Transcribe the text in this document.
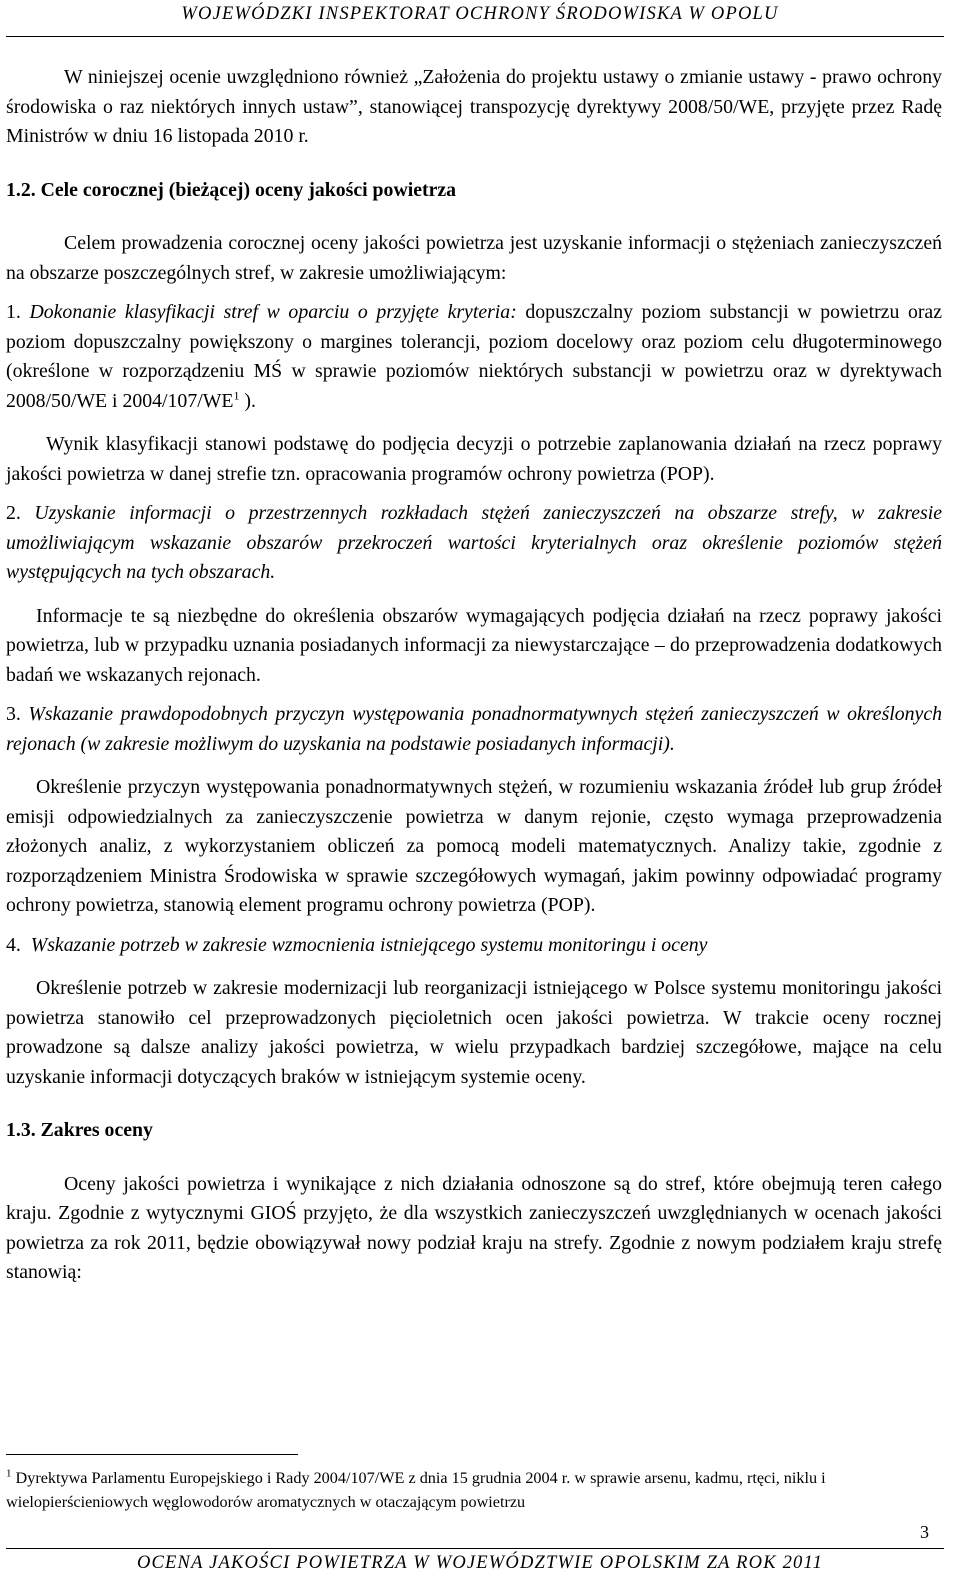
WOJEWÓDZKI INSPEKTORAT OCHRONY ŚRODOWISKA W OPOLU

W niniejszej ocenie uwzględniono również „Założenia do projektu ustawy o zmianie ustawy - prawo ochrony środowiska o raz niektórych innych ustaw”, stanowiącej transpozycję dyrektywy 2008/50/WE, przyjęte przez Radę Ministrów w dniu 16 listopada 2010 r.

1.2. Cele corocznej (bieżącej) oceny jakości powietrza

Celem prowadzenia corocznej oceny jakości powietrza jest uzyskanie informacji o stężeniach zanieczyszczeń na obszarze poszczególnych stref, w zakresie umożliwiającym:

1. Dokonanie klasyfikacji stref w oparciu o przyjęte kryteria: dopuszczalny poziom substancji w powietrzu oraz poziom dopuszczalny powiększony o margines tolerancji, poziom docelowy oraz poziom celu długoterminowego (określone w rozporządzeniu MŚ w sprawie poziomów niektórych substancji w powietrzu oraz w dyrektywach 2008/50/WE i $2004/107/WE^1$ ).

Wynik klasyfikacji stanowi podstawę do podjęcia decyzji o potrzebie zaplanowania działań na rzecz poprawy jakości powietrza w danej strefie tzn. opracowania programów ochrony powietrza (POP).

2. Uzyskanie informacji o przestrzennych rozkładach stężeń zanieczyszczeń na obszarze strefy, w zakresie umożliwiającym wskazanie obszarów przekroczeń wartości kryterialnych oraz określenie poziomów stężeń występujących na tych obszarach.

Informacje te są niezbędne do określenia obszarów wymagających podjęcia działań na rzecz poprawy jakości powietrza, lub w przypadku uznania posiadanych informacji za niewystarczające – do przeprowadzenia dodatkowych badań we wskazanych rejonach.

3. Wskazanie prawdopodobnych przyczyn występowania ponadnormatywnych stężeń zanieczyszczeń w określonych rejonach (w zakresie możliwym do uzyskania na podstawie posiadanych informacji).

Określenie przyczyn występowania ponadnormatywnych stężeń, w rozumieniu wskazania źródeł lub grup źródeł emisji odpowiedzialnych za zanieczyszczenie powietrza w danym rejonie, często wymaga przeprowadzenia złożonych analiz, z wykorzystaniem obliczeń za pomocą modeli matematycznych. Analizy takie, zgodnie z rozporządzeniem Ministra Środowiska w sprawie szczegółowych wymagań, jakim powinny odpowiadać programy ochrony powietrza, stanowią element programu ochrony powietrza (POP).

4. Wskazanie potrzeb w zakresie wzmocnienia istniejącego systemu monitoringu i oceny

Określenie potrzeb w zakresie modernizacji lub reorganizacji istniejącego w Polsce systemu monitoringu jakości powietrza stanowiło cel przeprowadzonych pięcioletnich ocen jakości powietrza. W trakcie oceny rocznej prowadzone są dalsze analizy jakości powietrza, w wielu przypadkach bardziej szczegółowe, mające na celu uzyskanie informacji dotyczących braków w istniejącym systemie oceny.

1.3. Zakres oceny

Oceny jakości powietrza i wynikające z nich działania odnoszone są do stref, które obejmują teren całego kraju. Zgodnie z wytycznymi GIOŚ przyjęto, że dla wszystkich zanieczyszczeń uwzględnianych w ocenach jakości powietrza za rok 2011, będzie obowiązywał nowy podział kraju na strefy. Zgodnie z nowym podziałem kraju strefę stanowią:

$^1$ Dyrektywa Parlamentu Europejskiego i Rady 2004/107/WE z dnia 15 grudnia 2004 r. w sprawie arsenu, kadmu, rtęci, niklu i wielopierścieniowych węglowodorów aromatycznych w otaczającym powietrzu
3
OCENA JAKOŚCI POWIETRZA W WOJEWÓDZTWIE OPOLSKIM ZA ROK 2011
